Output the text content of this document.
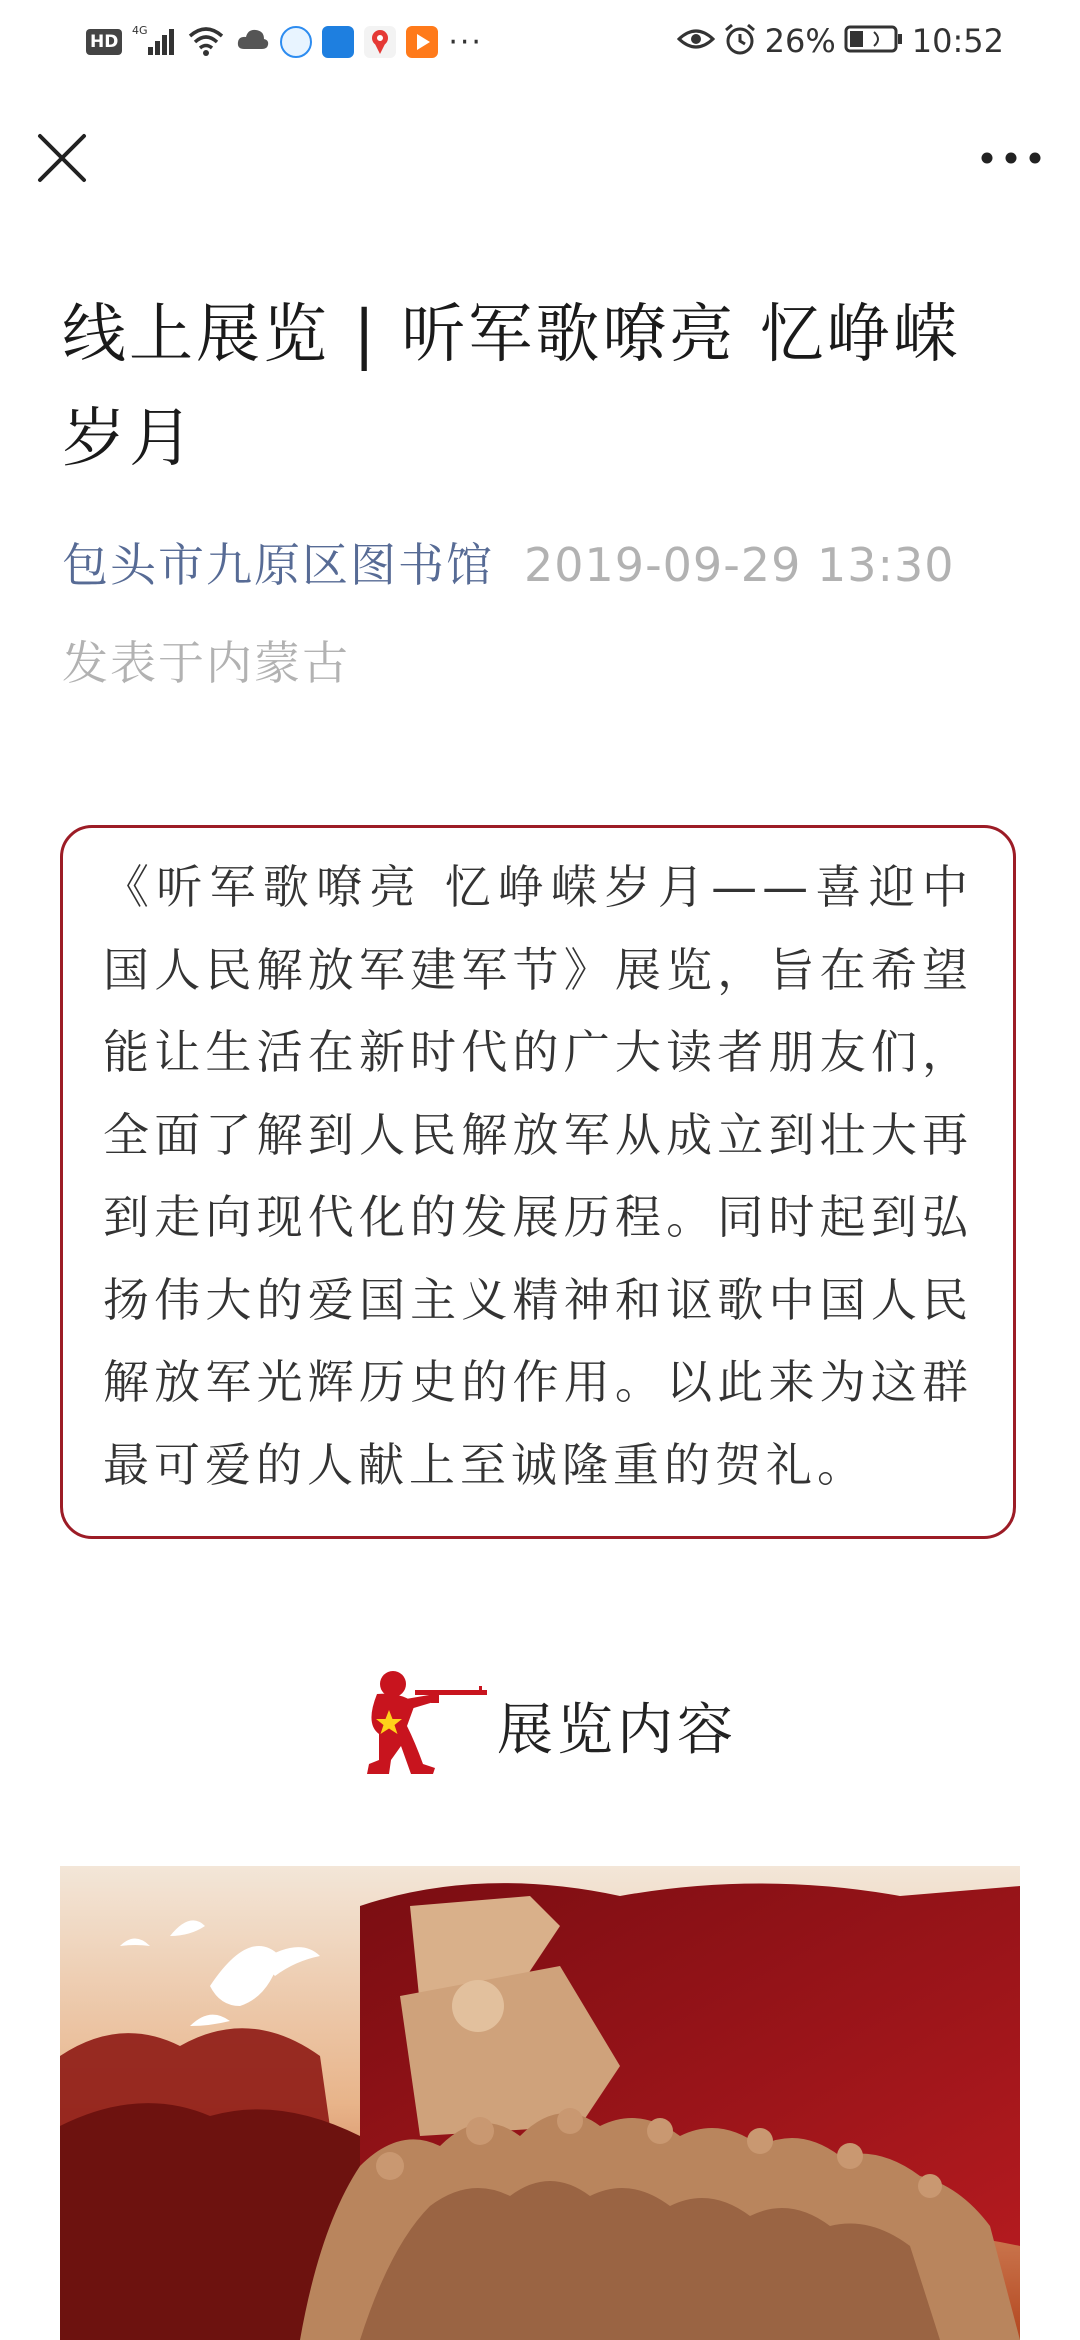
HD
4G	···	26% 10:52
线上展览 | 听军歌嘹亮 忆峥嵘岁月
包头市九原区图书馆 2019-09-29 13:30
发表于内蒙古

《听军歌嘹亮 忆峥嵘岁月——喜迎中国人民解放军建军节》展览，旨在希望能让生活在新时代的广大读者朋友们，全面了解到人民解放军从成立到壮大再到走向现代化的发展历程。同时起到弘扬伟大的爱国主义精神和讴歌中国人民解放军光辉历史的作用。以此来为这群最可爱的人献上至诚隆重的贺礼。

展览内容
